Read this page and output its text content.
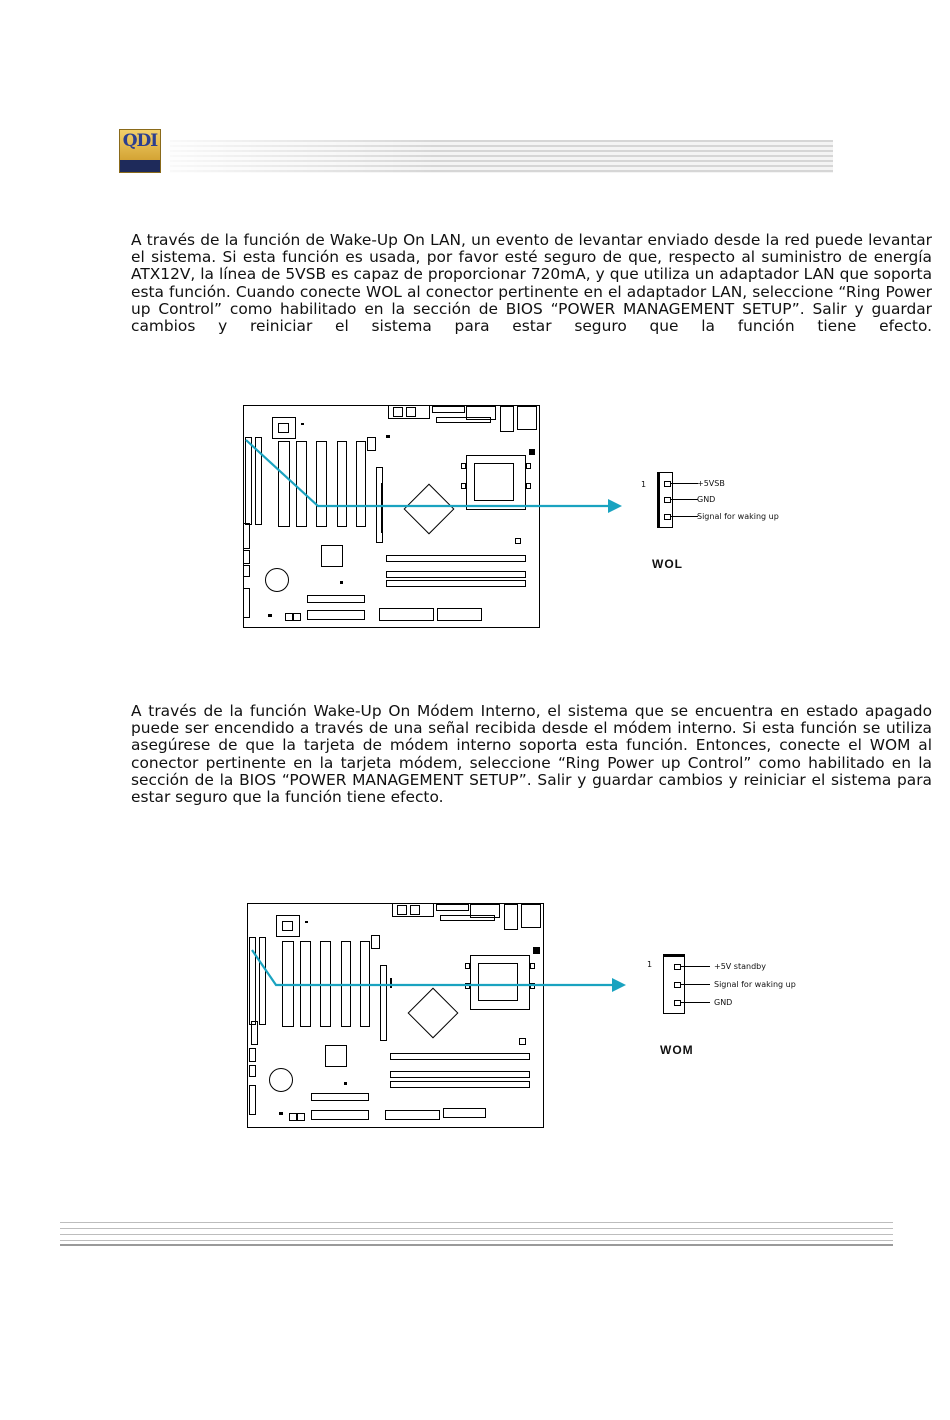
QDI

A través de la función de Wake-Up On LAN, un evento de levantar enviado desde la red puede levantar el sistema. Si esta función es usada, por favor esté seguro de que, respecto al suministro de energía ATX12V, la línea de 5VSB es capaz de proporcionar 720mA, y que utiliza un adaptador LAN que soporta esta función. Cuando conecte WOL al conector pertinente en el adaptador LAN, seleccione “Ring Power up Control” como habilitado en la sección de BIOS “POWER MANAGEMENT SETUP”. Salir y guardar cambios y reiniciar el sistema para estar seguro que la función tiene efecto.

1	+5VSB
GND
Signal for waking up
WOL

A través de la función Wake-Up On Módem Interno, el sistema que se encuentra en estado apagado puede ser encendido a través de una señal recibida desde el módem interno. Si esta función se utiliza asegúrese de que la tarjeta de módem interno soporta esta función. Entonces, conecte el WOM al conector pertinente en la tarjeta módem, seleccione “Ring Power up Control” como habilitado en la sección de la BIOS “POWER MANAGEMENT SETUP”. Salir y guardar cambios y reiniciar el sistema para estar seguro que la función tiene efecto.

1	+5V standby
Signal for waking up
GND
WOM
